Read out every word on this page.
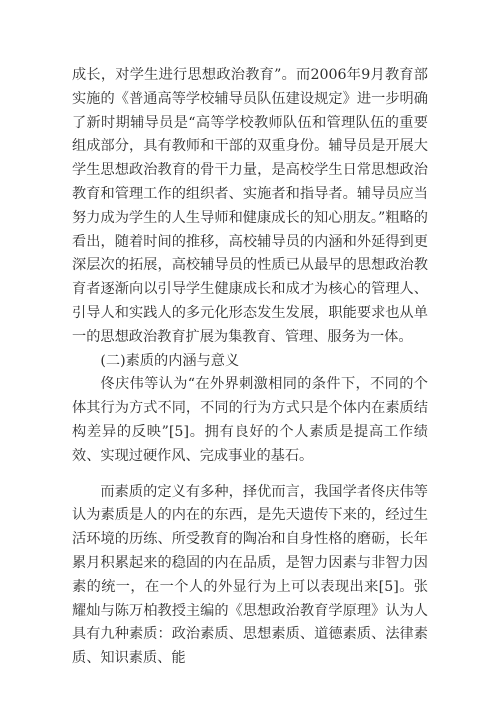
成长，对学生进行思想政治教育”。而2006年9月教育部实施的《普通高等学校辅导员队伍建设规定》进一步明确了新时期辅导员是“高等学校教师队伍和管理队伍的重要组成部分，具有教师和干部的双重身份。辅导员是开展大学生思想政治教育的骨干力量，是高校学生日常思想政治教育和管理工作的组织者、实施者和指导者。辅导员应当努力成为学生的人生导师和健康成长的知心朋友。”粗略的看出，随着时间的推移，高校辅导员的内涵和外延得到更深层次的拓展，高校辅导员的性质已从最早的思想政治教育者逐渐向以引导学生健康成长和成才为核心的管理人、引导人和实践人的多元化形态发生发展，职能要求也从单一的思想政治教育扩展为集教育、管理、服务为一体。

(二)素质的内涵与意义

佟庆伟等认为“在外界刺激相同的条件下，不同的个体其行为方式不同，不同的行为方式只是个体内在素质结构差异的反映”[5]。拥有良好的个人素质是提高工作绩效、实现过硬作风、完成事业的基石。

而素质的定义有多种，择优而言，我国学者佟庆伟等认为素质是人的内在的东西，是先天遗传下来的，经过生活环境的历练、所受教育的陶冶和自身性格的磨砺，长年累月积累起来的稳固的内在品质，是智力因素与非智力因素的统一，在一个人的外显行为上可以表现出来[5]。张耀灿与陈万柏教授主编的《思想政治教育学原理》认为人具有九种素质：政治素质、思想素质、道德素质、法律素质、知识素质、能
